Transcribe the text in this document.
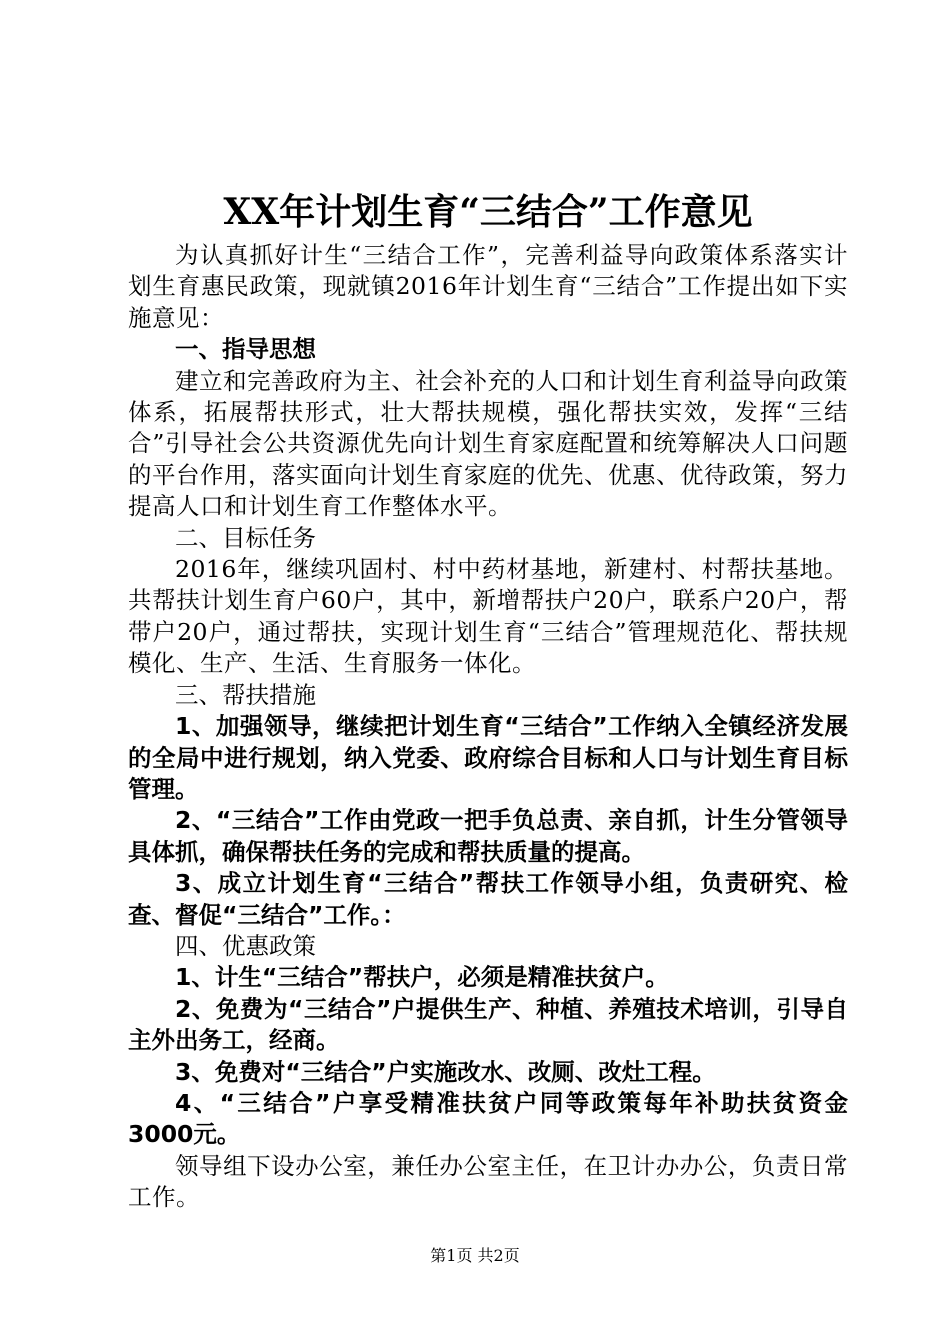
XX年计划生育“三结合”工作意见

为认真抓好计生“三结合工作”，完善利益导向政策体系落实计划生育惠民政策，现就镇2016年计划生育“三结合”工作提出如下实施意见：

一、指导思想

建立和完善政府为主、社会补充的人口和计划生育利益导向政策体系，拓展帮扶形式，壮大帮扶规模，强化帮扶实效，发挥“三结合”引导社会公共资源优先向计划生育家庭配置和统筹解决人口问题的平台作用，落实面向计划生育家庭的优先、优惠、优待政策，努力提高人口和计划生育工作整体水平。

二、目标任务

2016年，继续巩固村、村中药材基地，新建村、村帮扶基地。共帮扶计划生育户60户，其中，新增帮扶户20户，联系户20户，帮带户20户，通过帮扶，实现计划生育“三结合”管理规范化、帮扶规模化、生产、生活、生育服务一体化。

三、帮扶措施

1、加强领导，继续把计划生育“三结合”工作纳入全镇经济发展的全局中进行规划，纳入党委、政府综合目标和人口与计划生育目标管理。

2、“三结合”工作由党政一把手负总责、亲自抓，计生分管领导具体抓，确保帮扶任务的完成和帮扶质量的提高。

3、成立计划生育“三结合”帮扶工作领导小组，负责研究、检查、督促“三结合”工作。：

四、优惠政策

1、计生“三结合”帮扶户，必须是精准扶贫户。

2、免费为“三结合”户提供生产、种植、养殖技术培训，引导自主外出务工，经商。

3、免费对“三结合”户实施改水、改厕、改灶工程。

4、“三结合”户享受精准扶贫户同等政策每年补助扶贫资金3000元。

领导组下设办公室，兼任办公室主任，在卫计办办公，负责日常工作。

第1页 共2页
